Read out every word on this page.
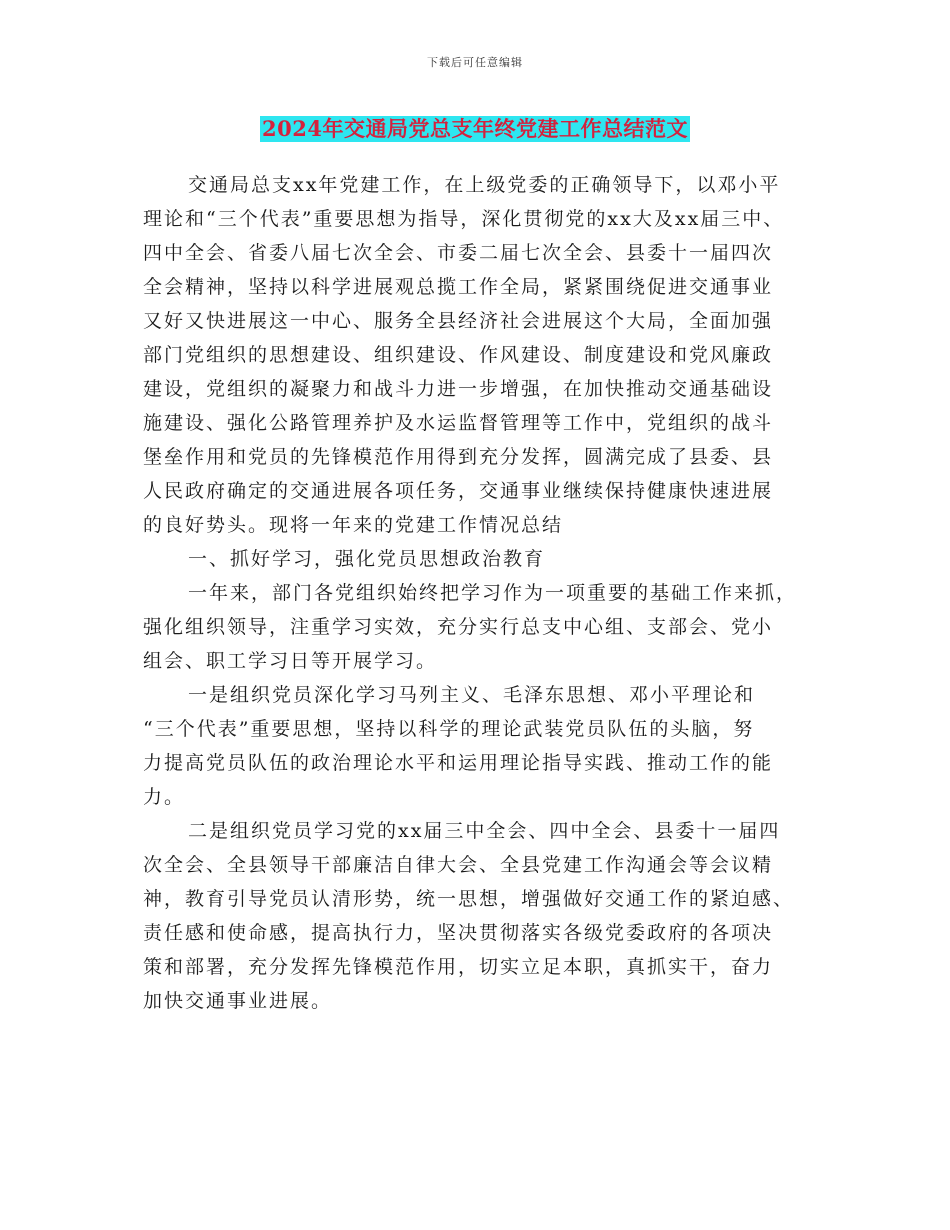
下载后可任意编辑
2024年交通局党总支年终党建工作总结范文
交通局总支xx年党建工作，在上级党委的正确领导下，以邓小平
理论和“三个代表”重要思想为指导，深化贯彻党的xx大及xx届三中、
四中全会、省委八届七次全会、市委二届七次全会、县委十一届四次
全会精神，坚持以科学进展观总揽工作全局，紧紧围绕促进交通事业
又好又快进展这一中心、服务全县经济社会进展这个大局，全面加强
部门党组织的思想建设、组织建设、作风建设、制度建设和党风廉政
建设，党组织的凝聚力和战斗力进一步增强，在加快推动交通基础设
施建设、强化公路管理养护及水运监督管理等工作中，党组织的战斗
堡垒作用和党员的先锋模范作用得到充分发挥，圆满完成了县委、县
人民政府确定的交通进展各项任务，交通事业继续保持健康快速进展
的良好势头。现将一年来的党建工作情况总结
一、抓好学习，强化党员思想政治教育
一年来，部门各党组织始终把学习作为一项重要的基础工作来抓，
强化组织领导，注重学习实效，充分实行总支中心组、支部会、党小
组会、职工学习日等开展学习。
一是组织党员深化学习马列主义、毛泽东思想、邓小平理论和
“三个代表”重要思想，坚持以科学的理论武装党员队伍的头脑，努
力提高党员队伍的政治理论水平和运用理论指导实践、推动工作的能
力。
二是组织党员学习党的xx届三中全会、四中全会、县委十一届四
次全会、全县领导干部廉洁自律大会、全县党建工作沟通会等会议精
神，教育引导党员认清形势，统一思想，增强做好交通工作的紧迫感、
责任感和使命感，提高执行力，坚决贯彻落实各级党委政府的各项决
策和部署，充分发挥先锋模范作用，切实立足本职，真抓实干，奋力
加快交通事业进展。
